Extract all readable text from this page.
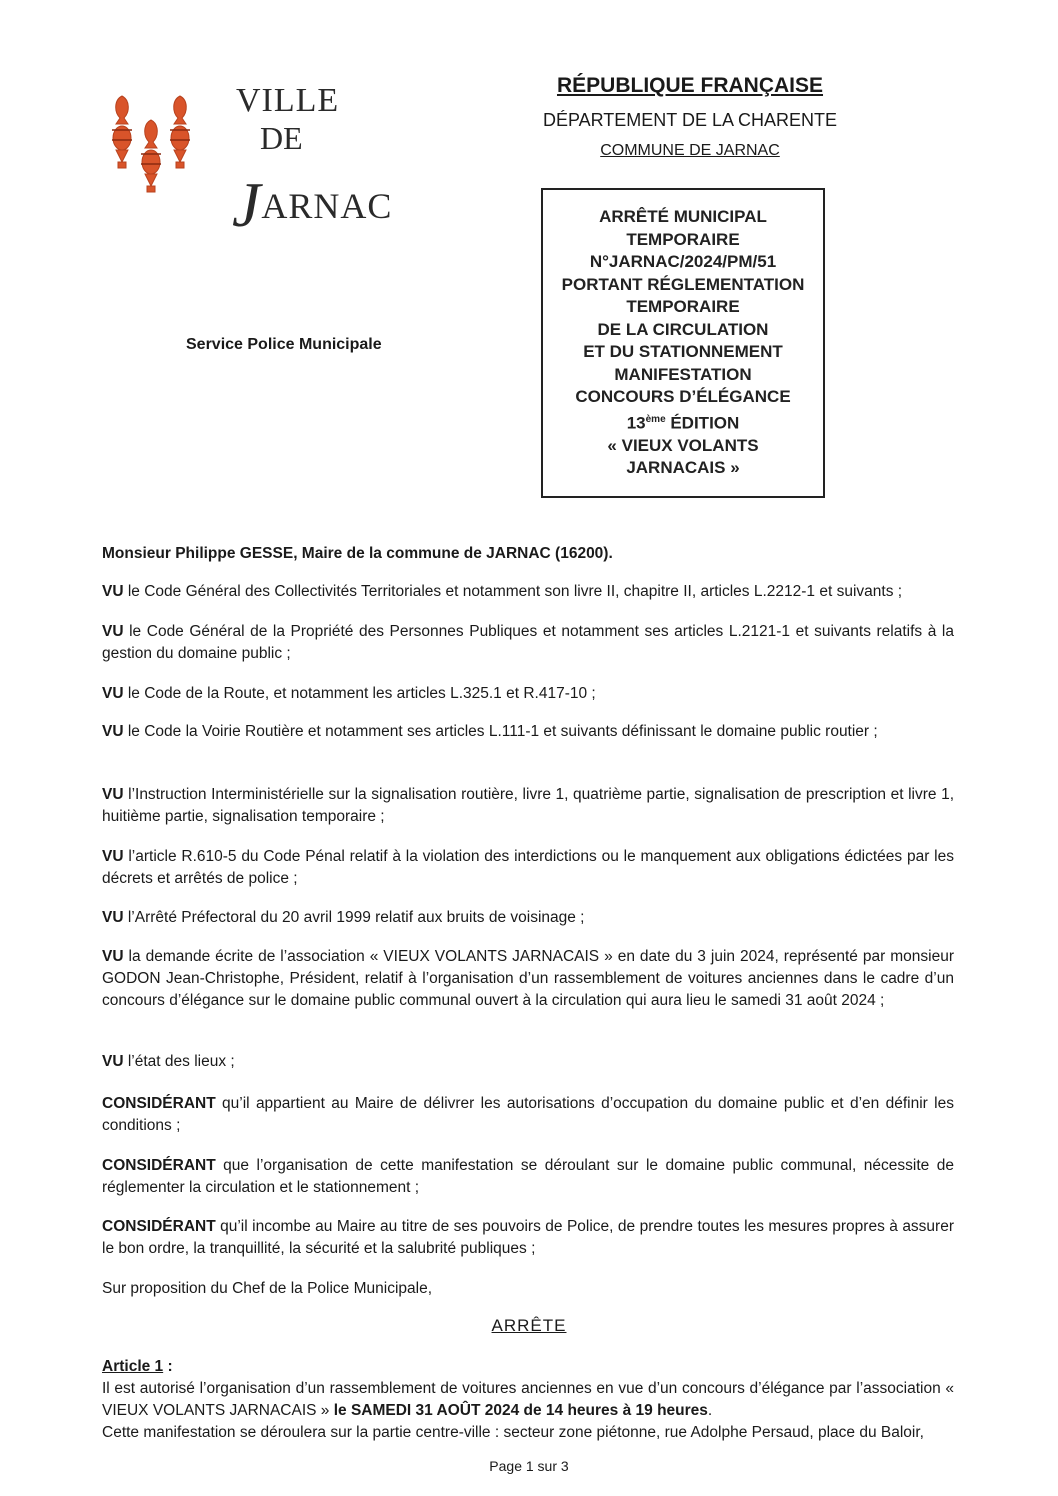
VILLE
DE
JARNAC
RÉPUBLIQUE FRANÇAISE
DÉPARTEMENT DE LA CHARENTE
COMMUNE DE JARNAC
ARRÊTÉ MUNICIPAL
TEMPORAIRE
N°JARNAC/2024/PM/51
PORTANT RÉGLEMENTATION
TEMPORAIRE
DE LA CIRCULATION
ET DU STATIONNEMENT
MANIFESTATION
CONCOURS D’ÉLÉGANCE
13ème ÉDITION
« VIEUX VOLANTS
JARNACAIS »
Service Police Municipale

Monsieur Philippe GESSE, Maire de la commune de JARNAC (16200).

VU le Code Général des Collectivités Territoriales et notamment son livre II, chapitre II, articles L.2212-1 et suivants ;

VU le Code Général de la Propriété des Personnes Publiques et notamment ses articles L.2121-1 et suivants relatifs à la gestion du domaine public ;

VU le Code de la Route, et notamment les articles L.325.1 et R.417-10 ;

VU le Code la Voirie Routière et notamment ses articles L.111-1 et suivants définissant le domaine public routier ;

VU l’Instruction Interministérielle sur la signalisation routière, livre 1, quatrième partie, signalisation de prescription et livre 1, huitième partie, signalisation temporaire ;

VU l’article R.610-5 du Code Pénal relatif à la violation des interdictions ou le manquement aux obligations édictées par les décrets et arrêtés de police ;

VU l’Arrêté Préfectoral du 20 avril 1999 relatif aux bruits de voisinage ;

VU la demande écrite de l’association « VIEUX VOLANTS JARNACAIS » en date du 3 juin 2024, représenté par monsieur GODON Jean-Christophe, Président, relatif à l’organisation d’un rassemblement de voitures anciennes dans le cadre d’un concours d’élégance sur le domaine public communal ouvert à la circulation qui aura lieu le samedi 31 août 2024 ;

VU l’état des lieux ;

CONSIDÉRANT qu’il appartient au Maire de délivrer les autorisations d’occupation du domaine public et d’en définir les conditions ;

CONSIDÉRANT que l’organisation de cette manifestation se déroulant sur le domaine public communal, nécessite de réglementer la circulation et le stationnement ;

CONSIDÉRANT qu’il incombe au Maire au titre de ses pouvoirs de Police, de prendre toutes les mesures propres à assurer le bon ordre, la tranquillité, la sécurité et la salubrité publiques ;

Sur proposition du Chef de la Police Municipale,

ARRÊTE

Article 1 :

Il est autorisé l’organisation d’un rassemblement de voitures anciennes en vue d’un concours d’élégance par l’association « VIEUX VOLANTS JARNACAIS » le SAMEDI 31 AOÛT 2024 de 14 heures à 19 heures.

Cette manifestation se déroulera sur la partie centre-ville : secteur zone piétonne, rue Adolphe Persaud, place du Baloir,

Page 1 sur 3
